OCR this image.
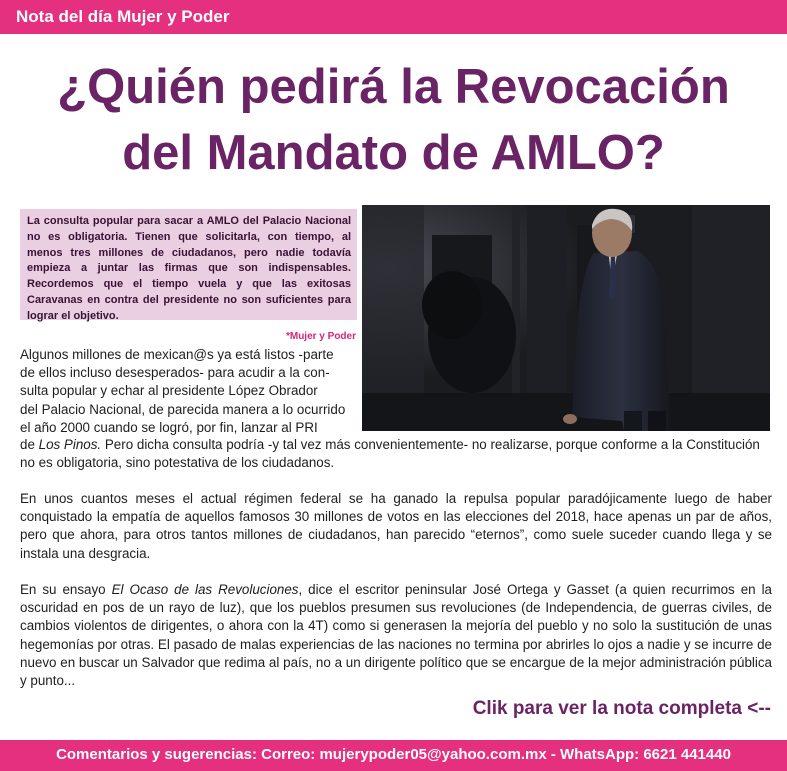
Nota del día Mujer y Poder
¿Quién pedirá la Revocación
del Mandato de AMLO?
La consulta popular para sacar a AMLO del Palacio Nacional no es obligatoria. Tienen que solicitarla, con tiempo, al menos tres millones de ciudadanos, pero nadie todavía empieza a juntar las firmas que son indispensables. Recordemos que el tiempo vuela y que las exitosas Caravanas en contra del presidente no son suficientes para lograr el objetivo.
*Mujer y Poder
Algunos millones de mexican@s ya está listos -parte
de ellos incluso desesperados- para acudir a la con-
sulta popular y echar al presidente López Obrador
del Palacio Nacional, de parecida manera a lo ocurrido
el año 2000 cuando se logró, por fin, lanzar al PRI
de Los Pinos. Pero dicha consulta podría -y tal vez más convenientemente- no realizarse, porque conforme a la Constitución no es obligatoria, sino potestativa de los ciudadanos.
En unos cuantos meses el actual régimen federal se ha ganado la repulsa popular paradójicamente luego de haber conquistado la empatía de aquellos famosos 30 millones de votos en las elecciones del 2018, hace apenas un par de años, pero que ahora, para otros tantos millones de ciudadanos, han parecido “eternos”, como suele suceder cuando llega y se instala una desgracia.
En su ensayo El Ocaso de las Revoluciones, dice el escritor peninsular José Ortega y Gasset (a quien recurrimos en la oscuridad en pos de un rayo de luz), que los pueblos presumen sus revoluciones (de Independencia, de guerras civiles, de cambios violentos de dirigentes, o ahora con la 4T) como si generasen la mejoría del pueblo y no solo la sustitución de unas hegemonías por otras. El pasado de malas experiencias de las naciones no termina por abrirles lo ojos a nadie y se incurre de nuevo en buscar un Salvador que redima al país, no a un dirigente político que se encargue de la mejor administración pública y punto...
Clik para ver la nota completa <--
Comentarios y sugerencias: Correo: mujerypoder05@yahoo.com.mx - WhatsApp: 6621 441440
